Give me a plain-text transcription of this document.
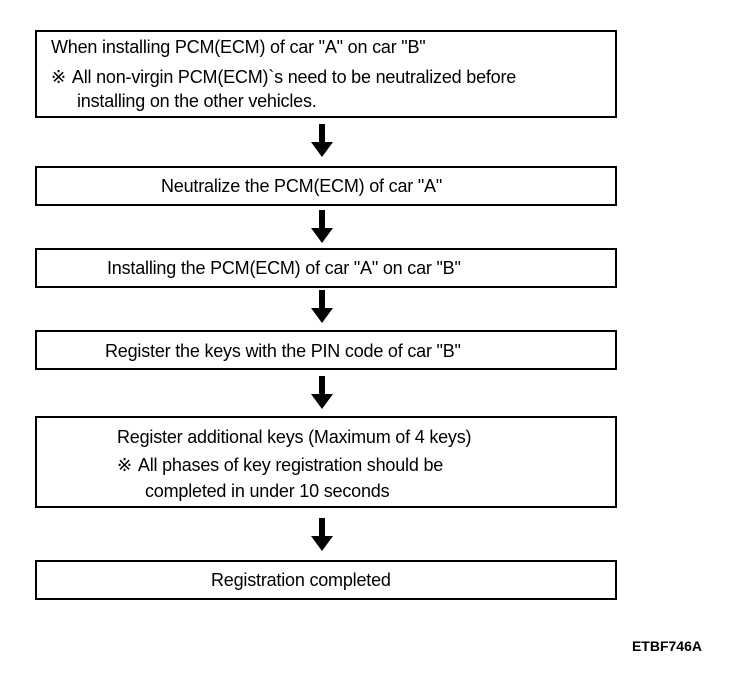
When installing PCM(ECM) of car "A" on car "B"
※ All non-virgin PCM(ECM)`s need to be neutralized before
installing on the other vehicles.
Neutralize the PCM(ECM) of car "A"
Installing the PCM(ECM) of car "A" on car "B"
Register the keys with the PIN code of car "B"
Register additional keys (Maximum of 4 keys)
※ All phases of key registration should be
completed in under 10 seconds
Registration completed
ETBF746A
